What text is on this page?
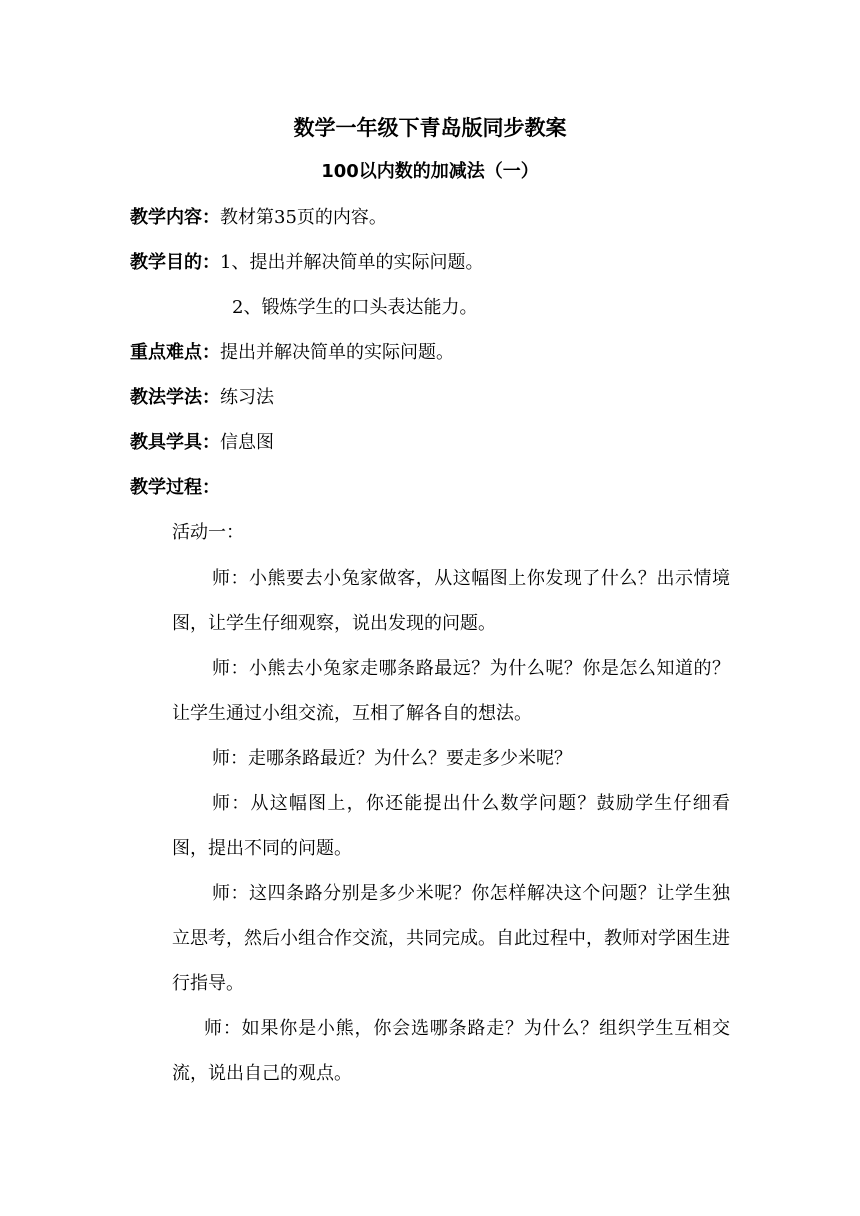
数学一年级下青岛版同步教案
100以内数的加减法（一）
教学内容：教材第35页的内容。
教学目的：1、提出并解决简单的实际问题。
2、锻炼学生的口头表达能力。
重点难点：提出并解决简单的实际问题。
教法学法：练习法
教具学具：信息图
教学过程：
活动一：
师：小熊要去小兔家做客，从这幅图上你发现了什么？出示情境图，让学生仔细观察，说出发现的问题。
师：小熊去小兔家走哪条路最远？为什么呢？你是怎么知道的？让学生通过小组交流，互相了解各自的想法。
师：走哪条路最近？为什么？要走多少米呢？
师：从这幅图上，你还能提出什么数学问题？鼓励学生仔细看图，提出不同的问题。
师：这四条路分别是多少米呢？你怎样解决这个问题？让学生独立思考，然后小组合作交流，共同完成。自此过程中，教师对学困生进行指导。
师：如果你是小熊，你会选哪条路走？为什么？组织学生互相交流，说出自己的观点。
